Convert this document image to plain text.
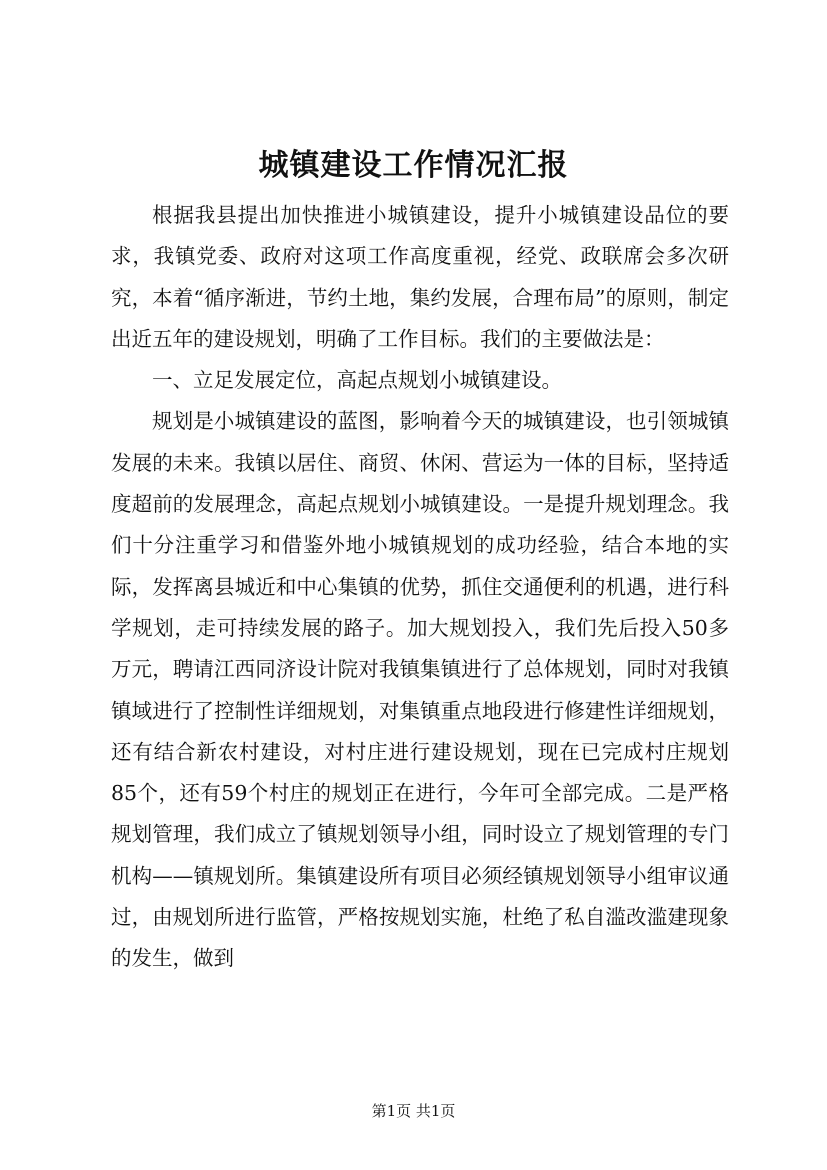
城镇建设工作情况汇报

根据我县提出加快推进小城镇建设，提升小城镇建设品位的要求，我镇党委、政府对这项工作高度重视，经党、政联席会多次研究，本着“循序渐进，节约土地，集约发展，合理布局”的原则，制定出近五年的建设规划，明确了工作目标。我们的主要做法是：

一、立足发展定位，高起点规划小城镇建设。

规划是小城镇建设的蓝图，影响着今天的城镇建设，也引领城镇发展的未来。我镇以居住、商贸、休闲、营运为一体的目标，坚持适度超前的发展理念，高起点规划小城镇建设。一是提升规划理念。我们十分注重学习和借鉴外地小城镇规划的成功经验，结合本地的实际，发挥离县城近和中心集镇的优势，抓住交通便利的机遇，进行科学规划，走可持续发展的路子。加大规划投入，我们先后投入50多万元，聘请江西同济设计院对我镇集镇进行了总体规划，同时对我镇镇域进行了控制性详细规划，对集镇重点地段进行修建性详细规划，还有结合新农村建设，对村庄进行建设规划，现在已完成村庄规划85个，还有59个村庄的规划正在进行，今年可全部完成。二是严格规划管理，我们成立了镇规划领导小组，同时设立了规划管理的专门机构——镇规划所。集镇建设所有项目必须经镇规划领导小组审议通过，由规划所进行监管，严格按规划实施，杜绝了私自滥改滥建现象的发生，做到

第1页 共1页
